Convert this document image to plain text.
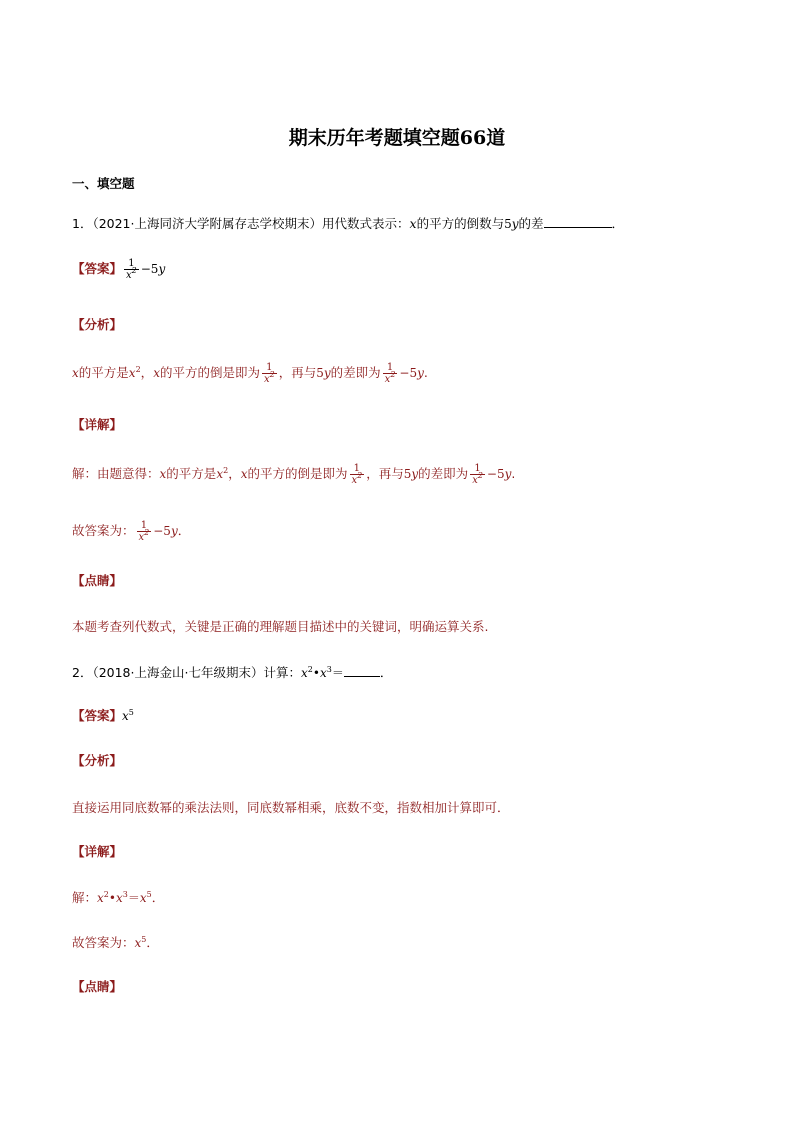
期末历年考题填空题66道
一、填空题
1．（2021·上海同济大学附属存志学校期末）用代数式表示：x的平方的倒数与5y的差	．
【答案】 $\frac{1}{x^2} -5y$
【分析】
x的平方是$x^2$，x的平方的倒是即为 $\frac{1}{x^2}$ ，再与5y的差即为 $\frac{1}{x^2} -5y$.
【详解】
解：由题意得：x的平方是$x^2$，x的平方的倒是即为 $\frac{1}{x^2}$ ，再与5y的差即为 $\frac{1}{x^2} -5y$.
故答案为： $\frac{1}{x^2} -5y$．
【点睛】
本题考查列代数式，关键是正确的理解题目描述中的关键词，明确运算关系.
2．（2018·上海金山·七年级期末）计算：$x^2•x^3=$	．
【答案】$x^5$
【分析】
直接运用同底数幂的乘法法则，同底数幂相乘，底数不变，指数相加计算即可．
【详解】
解：$x^2•x^3=x^5$．
故答案为：$x^5$．
【点睛】
